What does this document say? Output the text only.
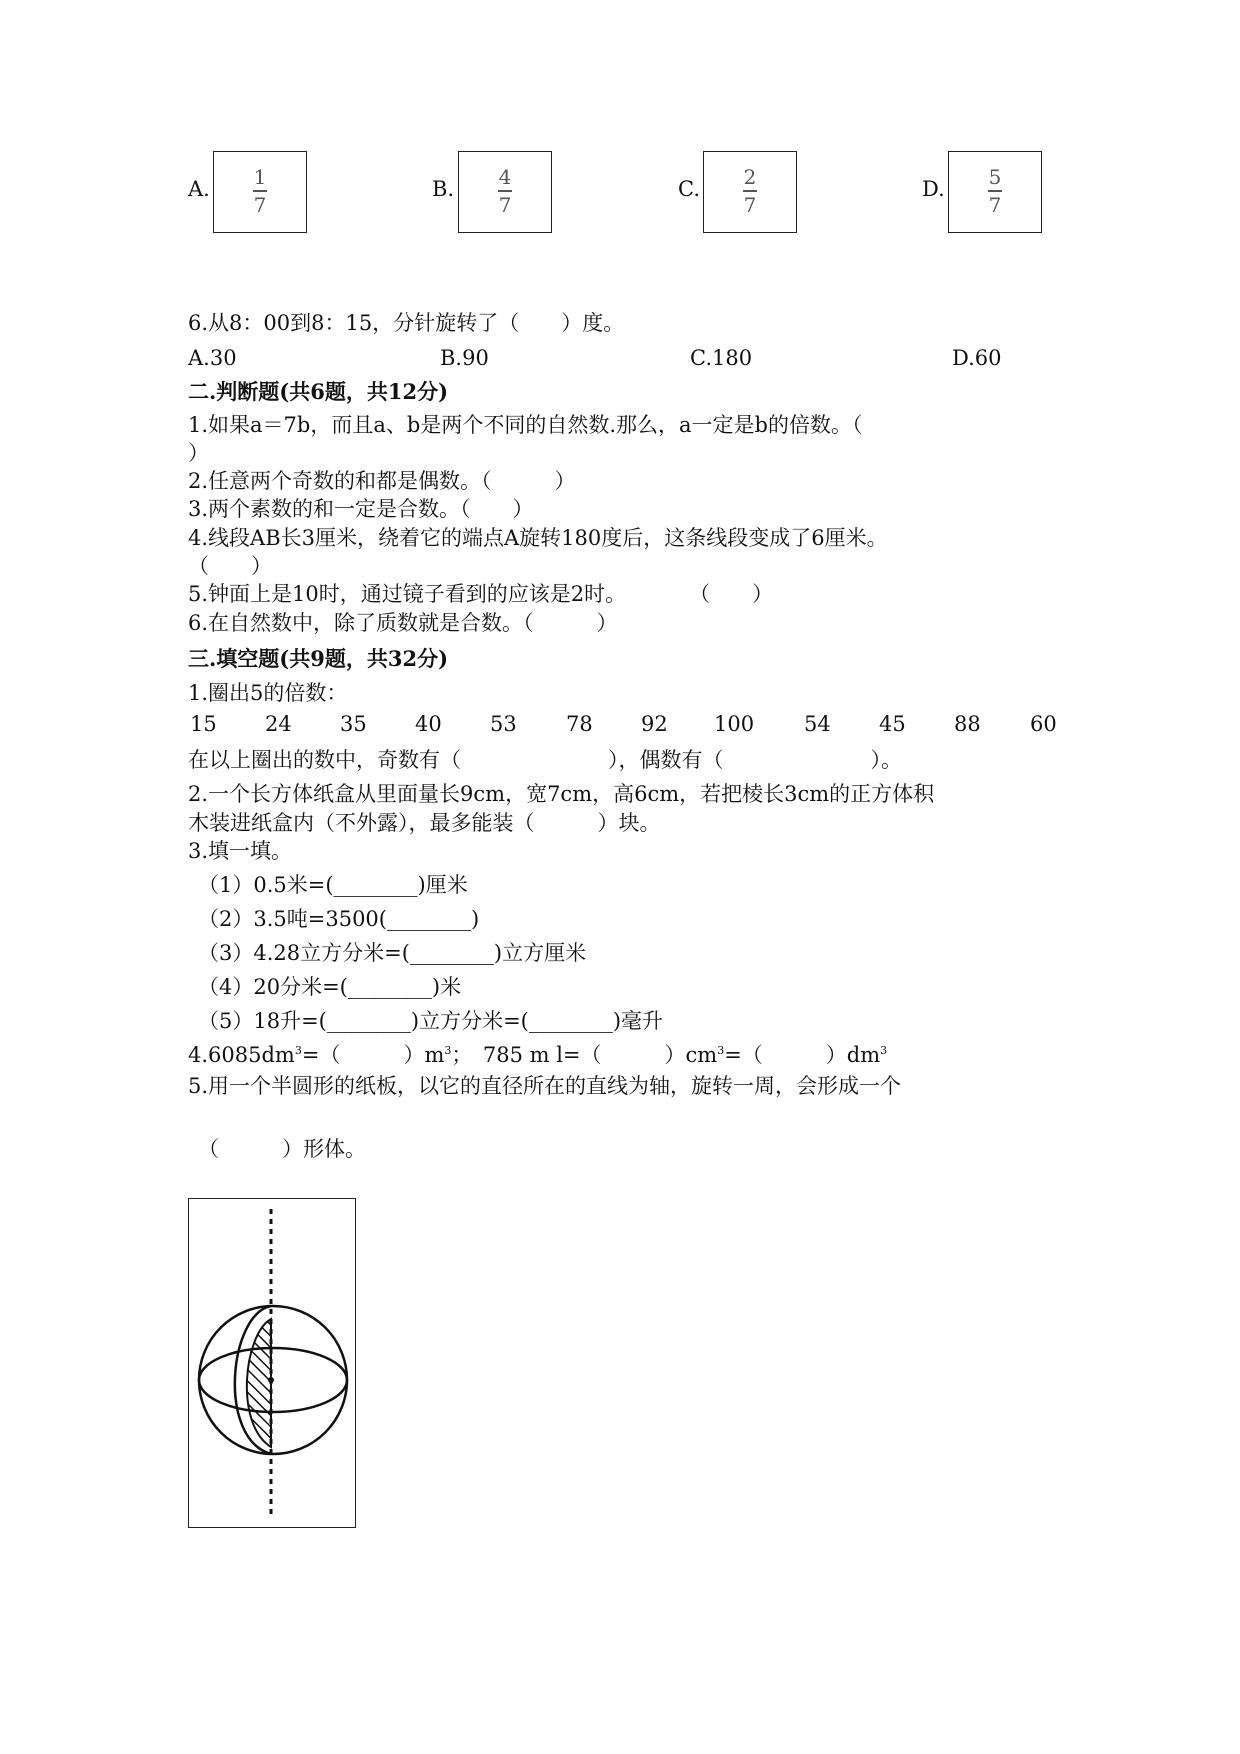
A.	1
7
B.	4
7
C.	2
7
D.	5
7
6.从8：00到8：15，分针旋转了（　　）度。
A.30	B.90	C.180	D.60
二.判断题(共6题，共12分)
1.如果a＝7b，而且a、b是两个不同的自然数.那么，a一定是b的倍数。（
）
2.任意两个奇数的和都是偶数。（　　　）
3.两个素数的和一定是合数。（　　）
4.线段AB长3厘米，绕着它的端点A旋转180度后，这条线段变成了6厘米。
（　　）
5.钟面上是10时，通过镜子看到的应该是2时。　　　　（　　）
6.在自然数中，除了质数就是合数。（　　　）
三.填空题(共9题，共32分)
1.圈出5的倍数：
15 24 35 40 53 78 92 100 54 45 88 60
在以上圈出的数中，奇数有（　　　　　　　），偶数有（　　　　　　　）。
2.一个长方体纸盒从里面量长9cm，宽7cm，高6cm，若把棱长3cm的正方体积
木装进纸盒内（不外露），最多能装（　　　）块。
3.填一填。
（1）0.5米=(________)厘米
（2）3.5吨=3500(________)
（3）4.28立方分米=(________)立方厘米
（4）20分米=(________)米
（5）18升=(________)立方分米=(________)毫升
$4.6085dm^3=$（　　　）$m^3$；　785 m l=（　　　）$cm^3=$（　　　）$dm^3$
5.用一个半圆形的纸板，以它的直径所在的直线为轴，旋转一周，会形成一个
（　　　）形体。
